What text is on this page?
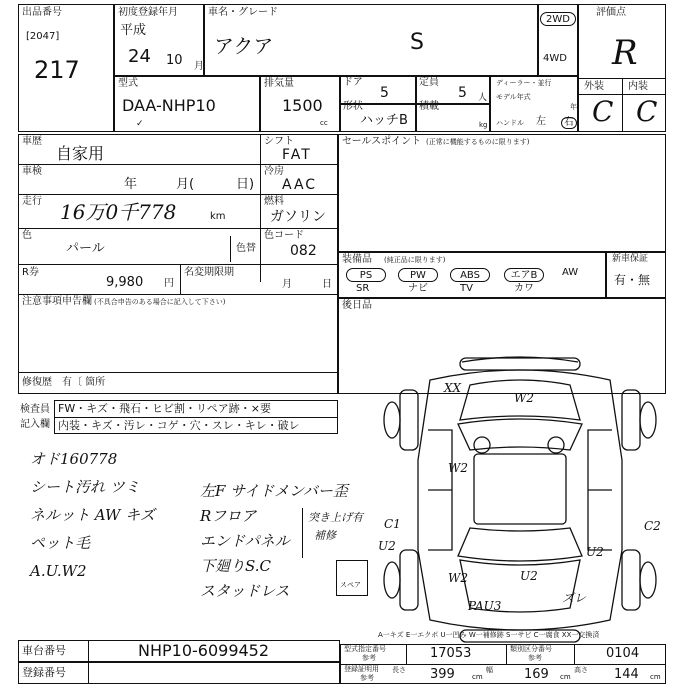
出品番号
[2047]
217
初度登録年月
平成
24 10 月
車名・グレード
アクア	S
2WD
4WD
評価点
R
外装 内装
C C
型式
DAA-NHP10
✓
排気量
1500
cc
ドア
5
定員
5 人
ディーラー・並行
モデル年式
年
ハンドル 左	右
形状
ハッチB
積載
kg
車歴
自家用
車検
年	月(	日)
走行 16万0千778	km
シフト
FAT
冷房
AAC
燃料
ガソリン
色
パール
色コード
色替 082
R券
9,980 円
名変期限期
月	日
注意事項申告欄 (不具合申告のある場合に記入して下さい)
修復歴 有〔 箇所
セールスポイント (正常に機能するものに限ります)
装備品 (純正品に限ります)
PS	PW	ABS	エアB	AW
SR	ナビ	TV	カワ
新車保証
有・無
後日品
検査員
記入欄
FW・キズ・飛石・ヒビ割・リペア跡・×要
内装・キズ・汚レ・コゲ・穴・スレ・キレ・破レ
オド160778
シート汚れ ツミ
ネルット AW キズ
ペット毛
A.U.W2
左F サイドメンバー歪
Rフロア
エンドパネル
下廻りS.C
スタッドレス
突き上げ有
補修
スペア
XX
W2
W2
C1
U2
C2
W2	U2
U2
PAU3
ズレ
A一キズ E一エクボ U一凹み W一補修跡 S一サビ C一腐食 XX一交換済
車台番号	NHP10-6099452
登録番号
型式指定番号
参考	17053	類別区分番号
参考	0104
登録証明用
参考
長さ 399 cm
幅 169 cm
高さ 144 cm
